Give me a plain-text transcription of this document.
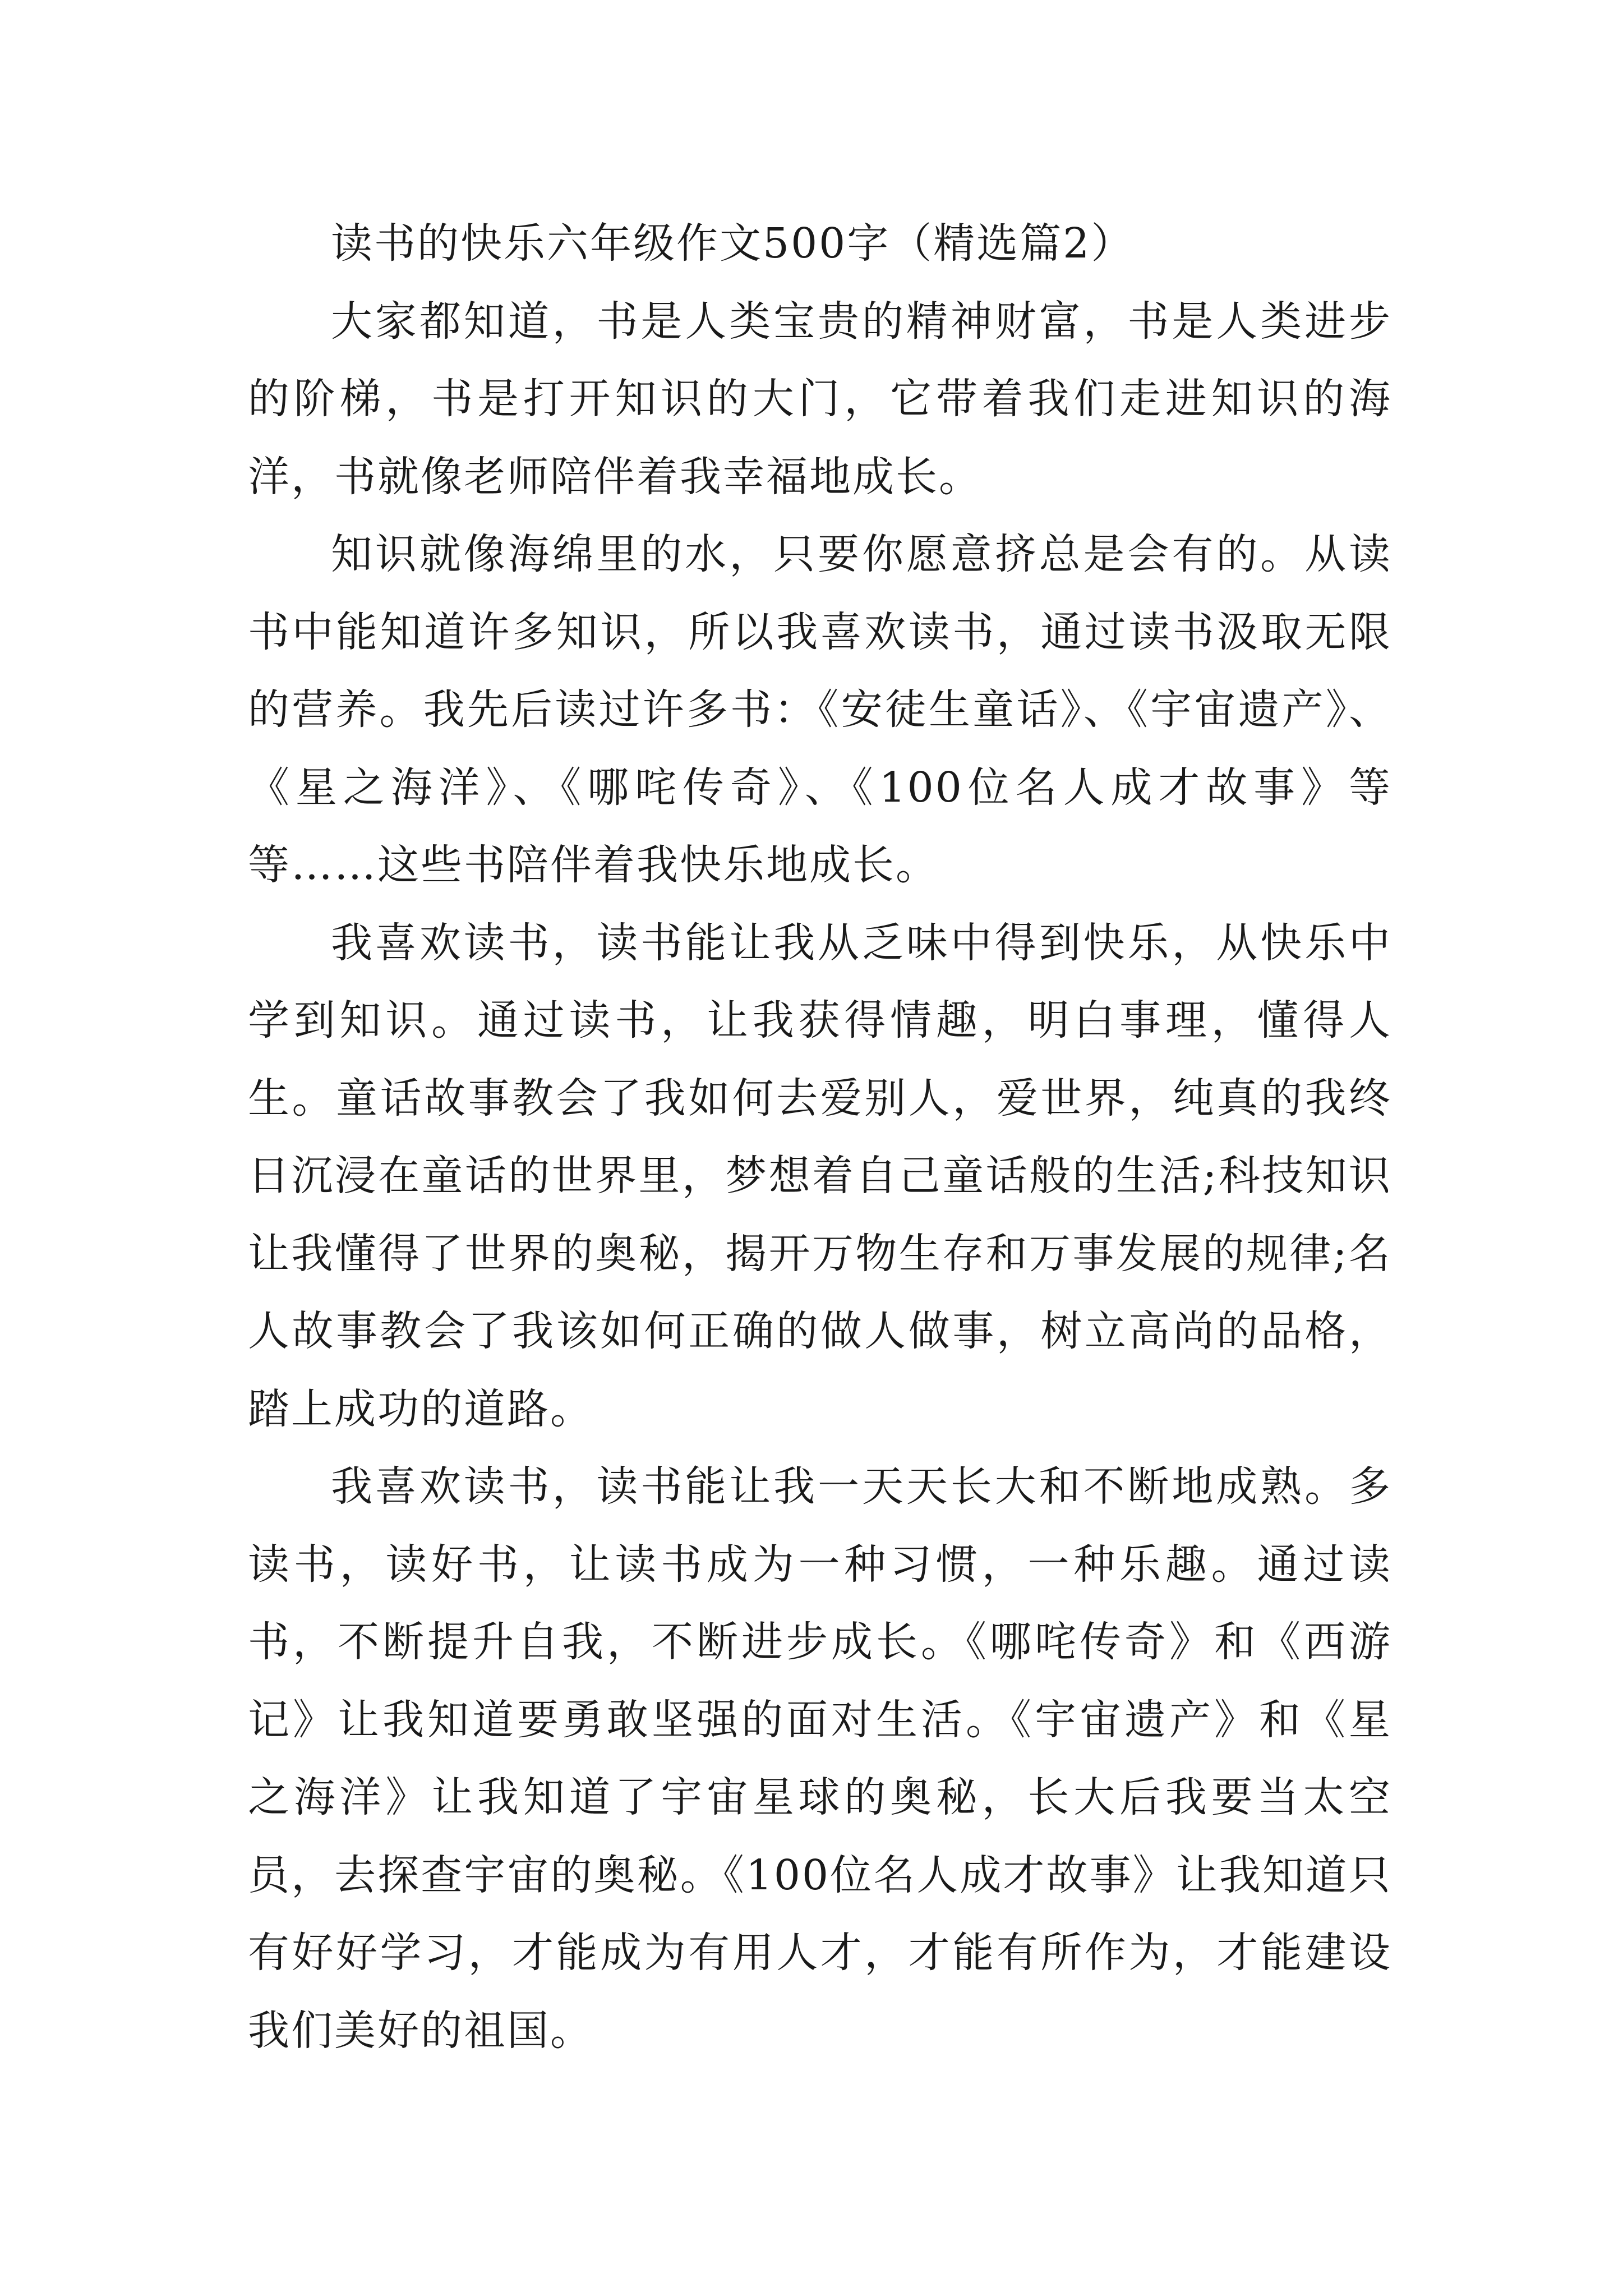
读书的快乐六年级作文500字（精选篇2）

大家都知道，书是人类宝贵的精神财富，书是人类进步的阶梯，书是打开知识的大门，它带着我们走进知识的海洋，书就像老师陪伴着我幸福地成长。

知识就像海绵里的水，只要你愿意挤总是会有的。从读书中能知道许多知识，所以我喜欢读书，通过读书汲取无限的营养。我先后读过许多书：《安徒生童话》、《宇宙遗产》、《星之海洋》、《哪咤传奇》、《100位名人成才故事》等等……这些书陪伴着我快乐地成长。

我喜欢读书，读书能让我从乏味中得到快乐，从快乐中学到知识。通过读书，让我获得情趣，明白事理，懂得人生。童话故事教会了我如何去爱别人，爱世界，纯真的我终日沉浸在童话的世界里，梦想着自己童话般的生活;科技知识让我懂得了世界的奥秘，揭开万物生存和万事发展的规律;名人故事教会了我该如何正确的做人做事，树立高尚的品格，踏上成功的道路。

我喜欢读书，读书能让我一天天长大和不断地成熟。多读书，读好书，让读书成为一种习惯，一种乐趣。通过读书，不断提升自我，不断进步成长。《哪咤传奇》和《西游记》让我知道要勇敢坚强的面对生活。《宇宙遗产》和《星之海洋》让我知道了宇宙星球的奥秘，长大后我要当太空员，去探查宇宙的奥秘。《100位名人成才故事》让我知道只有好好学习，才能成为有用人才，才能有所作为，才能建设我们美好的祖国。
